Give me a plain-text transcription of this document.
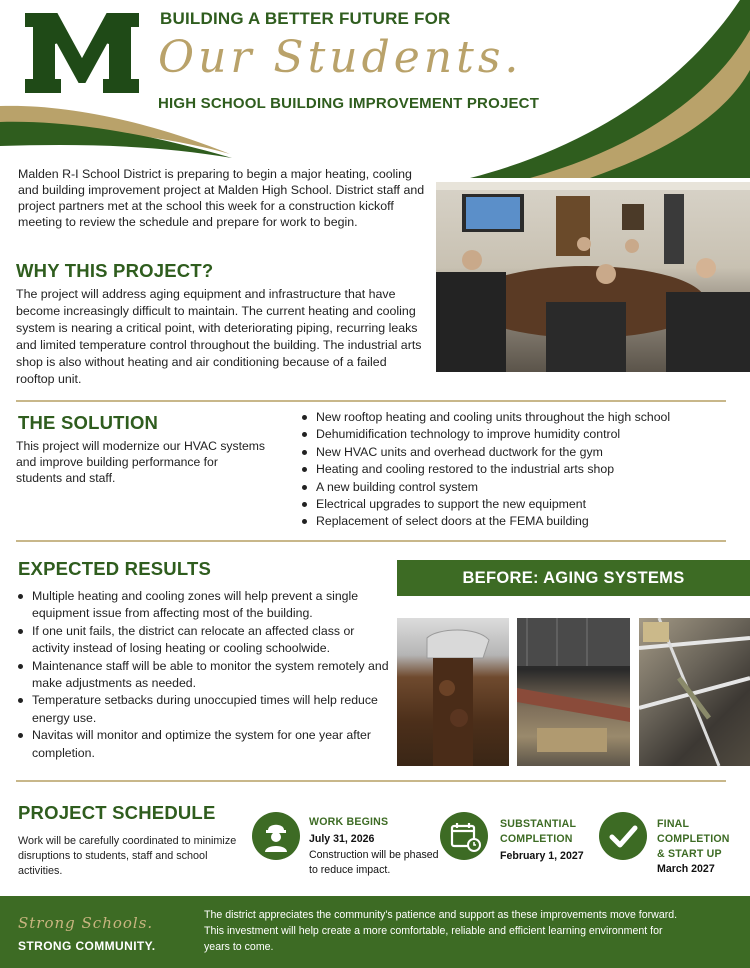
BUILDING A BETTER FUTURE FOR
Our Students.
HIGH SCHOOL BUILDING IMPROVEMENT PROJECT

Malden R-I School District is preparing to begin a major heating, cooling and building improvement project at Malden High School. District staff and project partners met at the school this week for a construction kickoff meeting to review the schedule and prepare for work to begin.

WHY THIS PROJECT?

The project will address aging equipment and infrastructure that have become increasingly difficult to maintain. The current heating and cooling system is nearing a critical point, with deteriorating piping, recurring leaks and limited temperature control throughout the building. The industrial arts shop is also without heating and air conditioning because of a failed rooftop unit.

THE SOLUTION

This project will modernize our HVAC systems and improve building performance for students and staff.

New rooftop heating and cooling units throughout the high school
Dehumidification technology to improve humidity control
New HVAC units and overhead ductwork for the gym
Heating and cooling restored to the industrial arts shop
A new building control system
Electrical upgrades to support the new equipment
Replacement of select doors at the FEMA building
EXPECTED RESULTS
Multiple heating and cooling zones will help prevent a single equipment issue from affecting most of the building.
If one unit fails, the district can relocate an affected class or activity instead of losing heating or cooling schoolwide.
Maintenance staff will be able to monitor the system remotely and make adjustments as needed.
Temperature setbacks during unoccupied times will help reduce energy use.
Navitas will monitor and optimize the system for one year after completion.
BEFORE: AGING SYSTEMS
PROJECT SCHEDULE

Work will be carefully coordinated to minimize disruptions to students, staff and school activities.

WORK BEGINS
July 31, 2026
Construction will be phased to reduce impact.
SUBSTANTIAL
COMPLETION
February 1, 2027
FINAL
COMPLETION
& START UP
March 2027
Strong Schools.
STRONG COMMUNITY.

The district appreciates the community's patience and support as these improvements move forward. This investment will help create a more comfortable, reliable and efficient learning environment for years to come.
